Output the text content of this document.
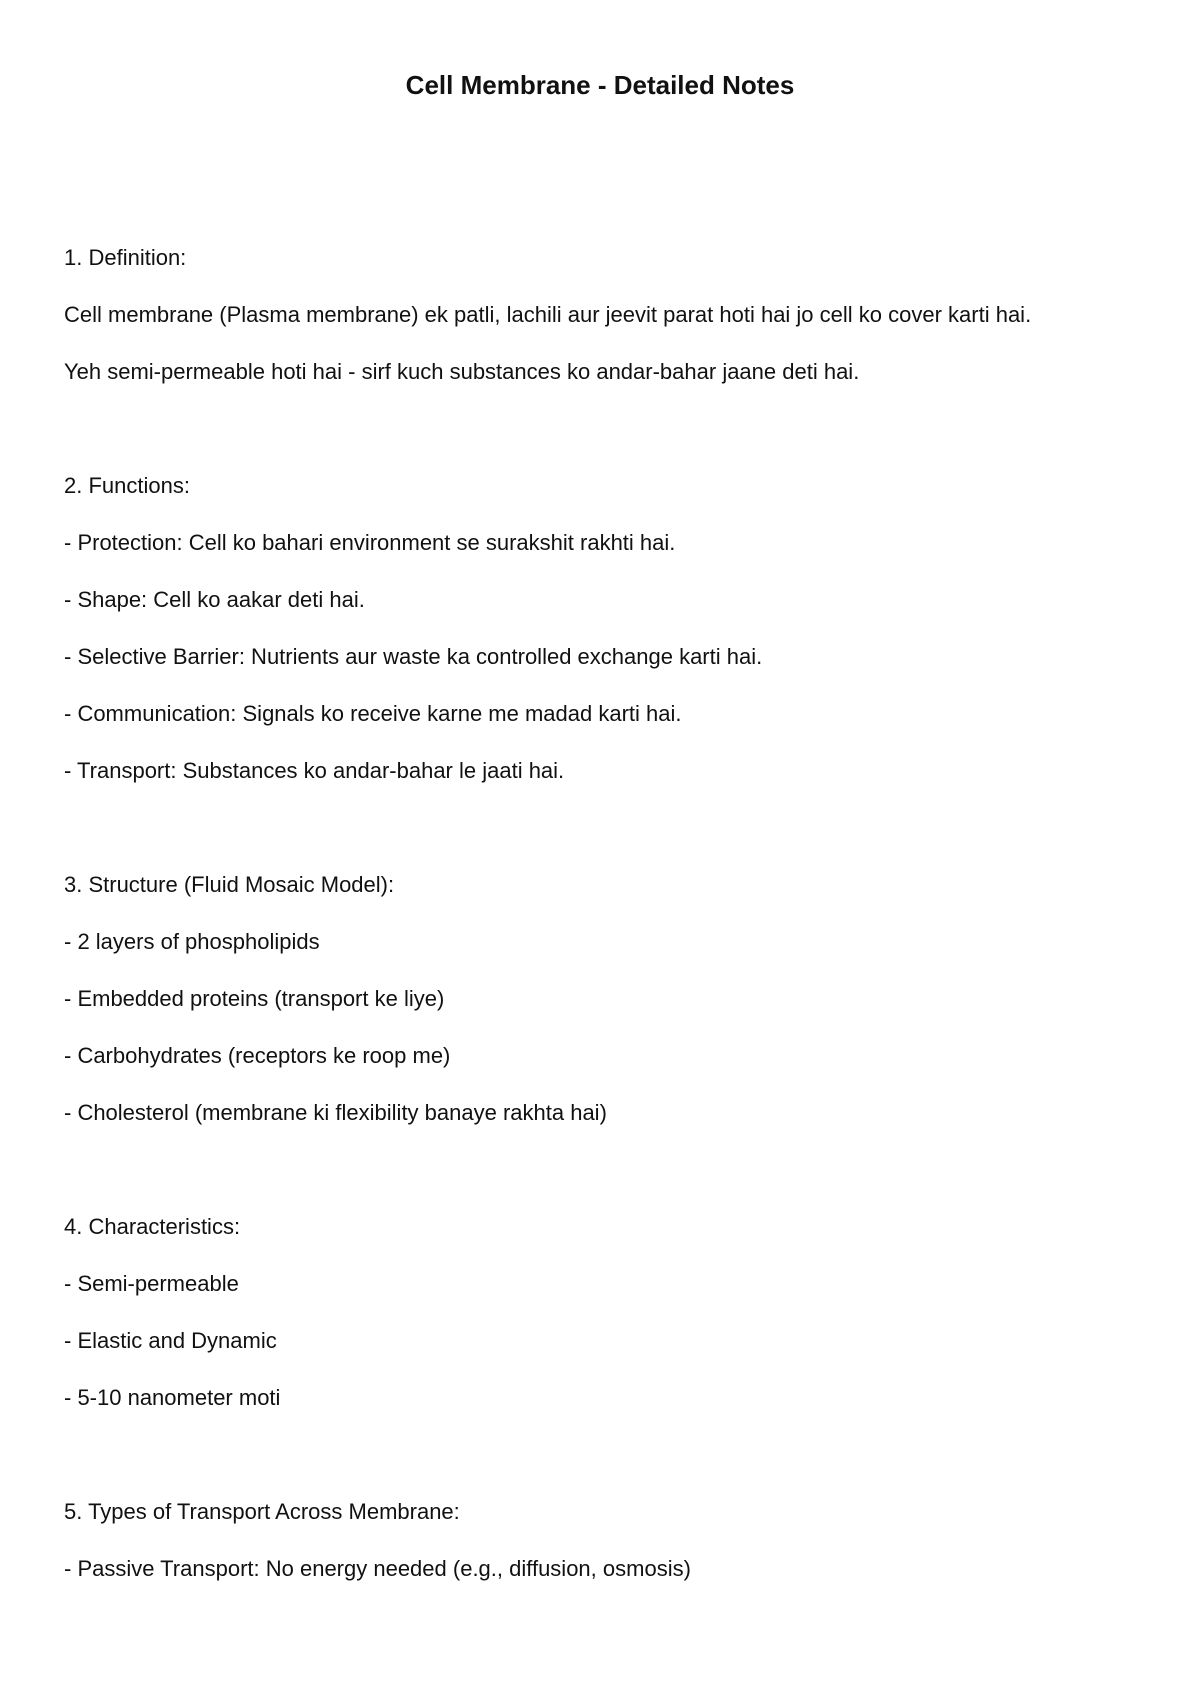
Cell Membrane - Detailed Notes

1. Definition:

Cell membrane (Plasma membrane) ek patli, lachili aur jeevit parat hoti hai jo cell ko cover karti hai.

Yeh semi-permeable hoti hai - sirf kuch substances ko andar-bahar jaane deti hai.

2. Functions:

- Protection: Cell ko bahari environment se surakshit rakhti hai.

- Shape: Cell ko aakar deti hai.

- Selective Barrier: Nutrients aur waste ka controlled exchange karti hai.

- Communication: Signals ko receive karne me madad karti hai.

- Transport: Substances ko andar-bahar le jaati hai.

3. Structure (Fluid Mosaic Model):

- 2 layers of phospholipids

- Embedded proteins (transport ke liye)

- Carbohydrates (receptors ke roop me)

- Cholesterol (membrane ki flexibility banaye rakhta hai)

4. Characteristics:

- Semi-permeable

- Elastic and Dynamic

- 5-10 nanometer moti

5. Types of Transport Across Membrane:

- Passive Transport: No energy needed (e.g., diffusion, osmosis)
